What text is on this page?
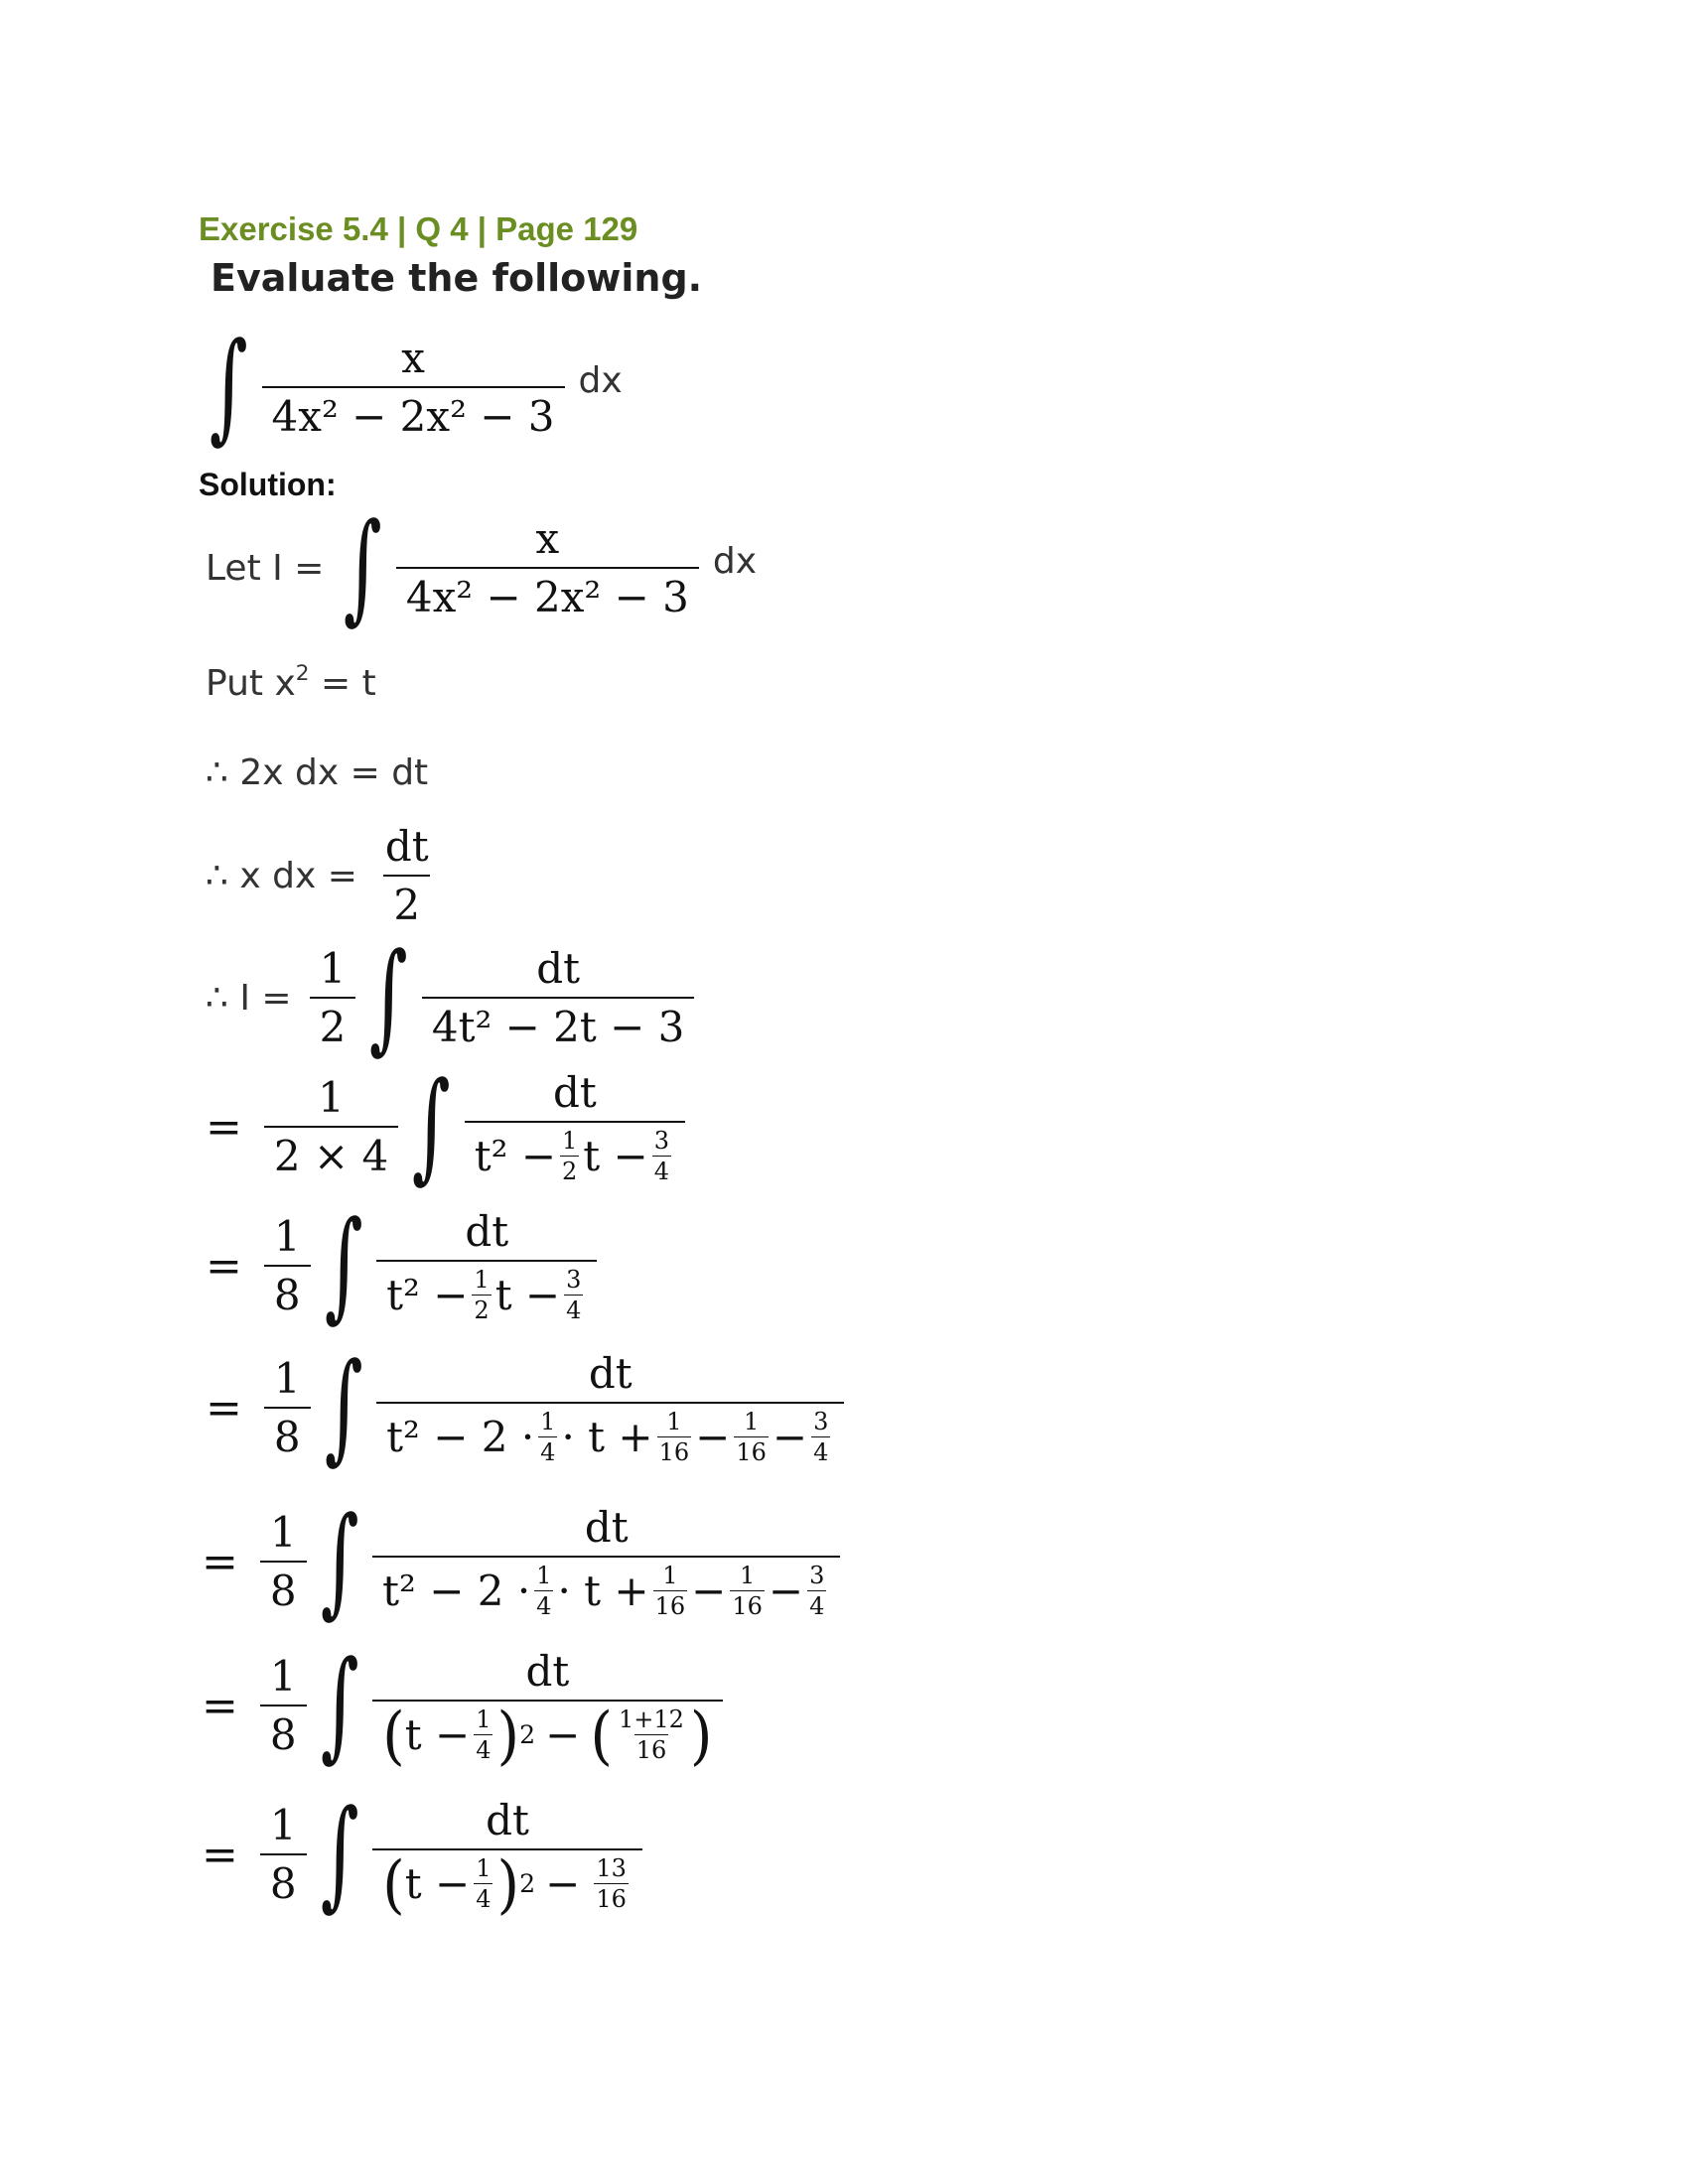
Exercise 5.4 | Q 4 | Page 129
Evaluate the following.
∫ $\frac{x}{\text{4x² − 2x² − 3}}$ dx
Solution:
Let I = ∫ $\frac{x}{\text{4x² − 2x² − 3}}$ dx
Put $x^2 = t$
∴ 2x dx = dt
∴ x dx = $\frac{dt}{2}$
∴ $I = \frac{1}{2}$ ∫ $\frac{dt}{\text{4t² − 2t − 3}}$
= $\frac{1}{2 \times 4}$ ∫ $\frac{dt}{t^2 - \frac{1}{2} t - \frac{3}{4}}$
= $\frac{1}{8}$ ∫ $\frac{dt}{t^2 - \frac{1}{2} t - \frac{3}{4}}$
= $\frac{1}{8}$ ∫	dt
$t^2 - 2 \cdot \frac{1}{4} \cdot t + \frac{1}{16} - \frac{1}{16} - \frac{3}{4}$
= $\frac{1}{8}$ ∫	dt
$t^2 - 2 \cdot \frac{1}{4} \cdot t + \frac{1}{16} - \frac{1}{16} - \frac{3}{4}$
= $\frac{1}{8}$ ∫	dt
( $t - \frac{1}{4}$ ) 2 − ( $\frac{1+12}{16}$ )
= $\frac{1}{8}$ ∫ $\frac{dt}{( t - \frac{1}{4} ) 2 - \frac{13}{16}}$
